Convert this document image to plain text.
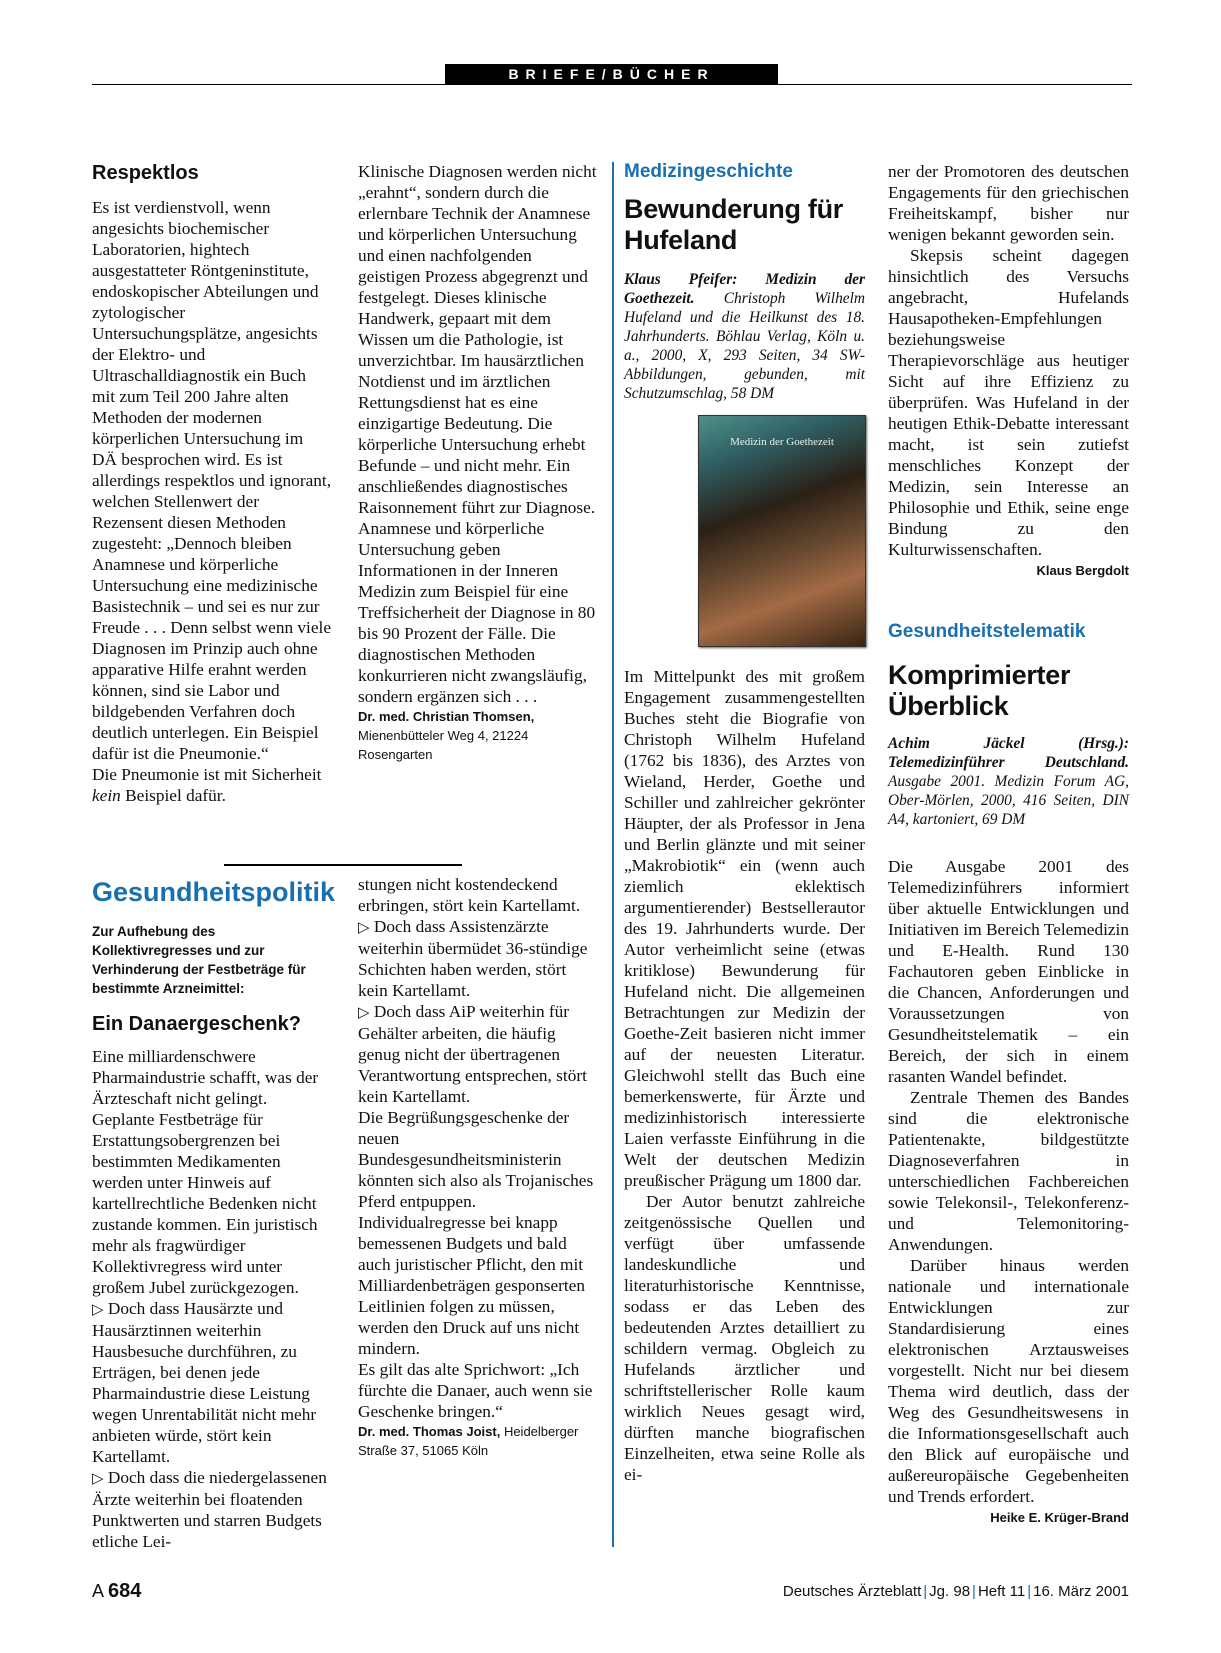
BRIEFE/BÜCHER
Respektlos

Es ist verdienstvoll, wenn angesichts biochemischer Laboratorien, hightech ausgestatteter Röntgeninstitute, endoskopischer Abteilungen und zytologischer Untersuchungsplätze, angesichts der Elektro- und Ultraschalldiagnostik ein Buch mit zum Teil 200 Jahre alten Methoden der modernen körperlichen Untersuchung im DÄ besprochen wird. Es ist allerdings respektlos und ignorant, welchen Stellenwert der Rezensent diesen Methoden zugesteht: „Dennoch bleiben Anamnese und körperliche Untersuchung eine medizinische Basistechnik – und sei es nur zur Freude . . . Denn selbst wenn viele Diagnosen im Prinzip auch ohne apparative Hilfe erahnt werden können, sind sie Labor und bildgebenden Verfahren doch deutlich unterlegen. Ein Beispiel dafür ist die Pneumonie.“

Die Pneumonie ist mit Sicherheit kein Beispiel dafür.

Klinische Diagnosen werden nicht „erahnt“, sondern durch die erlernbare Technik der Anamnese und körperlichen Untersuchung und einen nachfolgenden geistigen Prozess abgegrenzt und festgelegt. Dieses klinische Handwerk, gepaart mit dem Wissen um die Pathologie, ist unverzichtbar. Im hausärztlichen Notdienst und im ärztlichen Rettungsdienst hat es eine einzigartige Bedeutung. Die körperliche Untersuchung erhebt Befunde – und nicht mehr. Ein anschließendes diagnostisches Raisonnement führt zur Diagnose. Anamnese und körperliche Untersuchung geben Informationen in der Inneren Medizin zum Beispiel für eine Treffsicherheit der Diagnose in 80 bis 90 Prozent der Fälle. Die diagnostischen Methoden konkurrieren nicht zwangsläufig, sondern ergänzen sich . . .

Dr. med. Christian Thomsen,
Mienenbütteler Weg 4, 21224 Rosengarten
Gesundheitspolitik
Zur Aufhebung des Kollektivregresses und zur Verhinderung der Festbeträge für bestimmte Arzneimittel:
Ein Danaergeschenk?

Eine milliardenschwere Pharmaindustrie schafft, was der Ärzteschaft nicht gelingt. Geplante Festbeträge für Erstattungsobergrenzen bei bestimmten Medikamenten werden unter Hinweis auf kartellrechtliche Bedenken nicht zustande kommen. Ein juristisch mehr als fragwürdiger Kollektivregress wird unter großem Jubel zurückgezogen.

▷ Doch dass Hausärzte und Hausärztinnen weiterhin Hausbesuche durchführen, zu Erträgen, bei denen jede Pharmaindustrie diese Leistung wegen Unrentabilität nicht mehr anbieten würde, stört kein Kartellamt.

▷ Doch dass die niedergelassenen Ärzte weiterhin bei floatenden Punktwerten und starren Budgets etliche Lei-

stungen nicht kostendeckend erbringen, stört kein Kartellamt.

▷ Doch dass Assistenzärzte weiterhin übermüdet 36-stündige Schichten haben werden, stört kein Kartellamt.

▷ Doch dass AiP weiterhin für Gehälter arbeiten, die häufig genug nicht der übertragenen Verantwortung entsprechen, stört kein Kartellamt.

Die Begrüßungsgeschenke der neuen Bundesgesundheitsministerin könnten sich also als Trojanisches Pferd entpuppen. Individualregresse bei knapp bemessenen Budgets und bald auch juristischer Pflicht, den mit Milliardenbeträgen gesponserten Leitlinien folgen zu müssen, werden den Druck auf uns nicht mindern.

Es gilt das alte Sprichwort: „Ich fürchte die Danaer, auch wenn sie Geschenke bringen.“

Dr. med. Thomas Joist, Heidelberger Straße 37, 51065 Köln
Medizingeschichte
Bewunderung für Hufeland
Klaus Pfeifer: Medizin der Goethezeit. Christoph Wilhelm Hufeland und die Heilkunst des 18. Jahrhunderts. Böhlau Verlag, Köln u. a., 2000, X, 293 Seiten, 34 SW-Abbildungen, gebunden, mit Schutzumschlag, 58 DM
Medizin der Goethezeit

Im Mittelpunkt des mit großem Engagement zusammengestellten Buches steht die Biografie von Christoph Wilhelm Hufeland (1762 bis 1836), des Arztes von Wieland, Herder, Goethe und Schiller und zahlreicher gekrönter Häupter, der als Professor in Jena und Berlin glänzte und mit seiner „Makrobiotik“ ein (wenn auch ziemlich eklektisch argumentierender) Bestsellerautor des 19. Jahrhunderts wurde. Der Autor verheimlicht seine (etwas kritiklose) Bewunderung für Hufeland nicht. Die allgemeinen Betrachtungen zur Medizin der Goethe-Zeit basieren nicht immer auf der neuesten Literatur. Gleichwohl stellt das Buch eine bemerkenswerte, für Ärzte und medizinhistorisch interessierte Laien verfasste Einführung in die Welt der deutschen Medizin preußischer Prägung um 1800 dar.

Der Autor benutzt zahlreiche zeitgenössische Quellen und verfügt über umfassende landeskundliche und literaturhistorische Kenntnisse, sodass er das Leben des bedeutenden Arztes detailliert zu schildern vermag. Obgleich zu Hufelands ärztlicher und schriftstellerischer Rolle kaum wirklich Neues gesagt wird, dürften manche biografischen Einzelheiten, etwa seine Rolle als ei-

ner der Promotoren des deutschen Engagements für den griechischen Freiheitskampf, bisher nur wenigen bekannt geworden sein.

Skepsis scheint dagegen hinsichtlich des Versuchs angebracht, Hufelands Hausapotheken-Empfehlungen beziehungsweise Therapievorschläge aus heutiger Sicht auf ihre Effizienz zu überprüfen. Was Hufeland in der heutigen Ethik-Debatte interessant macht, ist sein zutiefst menschliches Konzept der Medizin, sein Interesse an Philosophie und Ethik, seine enge Bindung zu den Kulturwissenschaften.
Klaus Bergdolt

Gesundheitstelematik
Komprimierter Überblick
Achim Jäckel (Hrsg.): Telemedizinführer Deutschland. Ausgabe 2001. Medizin Forum AG, Ober-Mörlen, 2000, 416 Seiten, DIN A4, kartoniert, 69 DM

Die Ausgabe 2001 des Telemedizinführers informiert über aktuelle Entwicklungen und Initiativen im Bereich Telemedizin und E-Health. Rund 130 Fachautoren geben Einblicke in die Chancen, Anforderungen und Voraussetzungen von Gesundheitstelematik – ein Bereich, der sich in einem rasanten Wandel befindet.

Zentrale Themen des Bandes sind die elektronische Patientenakte, bildgestützte Diagnoseverfahren in unterschiedlichen Fachbereichen sowie Telekonsil-, Telekonferenz- und Telemonitoring-Anwendungen.

Darüber hinaus werden nationale und internationale Entwicklungen zur Standardisierung eines elektronischen Arztausweises vorgestellt. Nicht nur bei diesem Thema wird deutlich, dass der Weg des Gesundheitswesens in die Informationsgesellschaft auch den Blick auf europäische und außereuropäische Gegebenheiten und Trends erfordert.
Heike E. Krüger-Brand

A 684	Deutsches Ärzteblatt | Jg. 98 | Heft 11 | 16. März 2001
